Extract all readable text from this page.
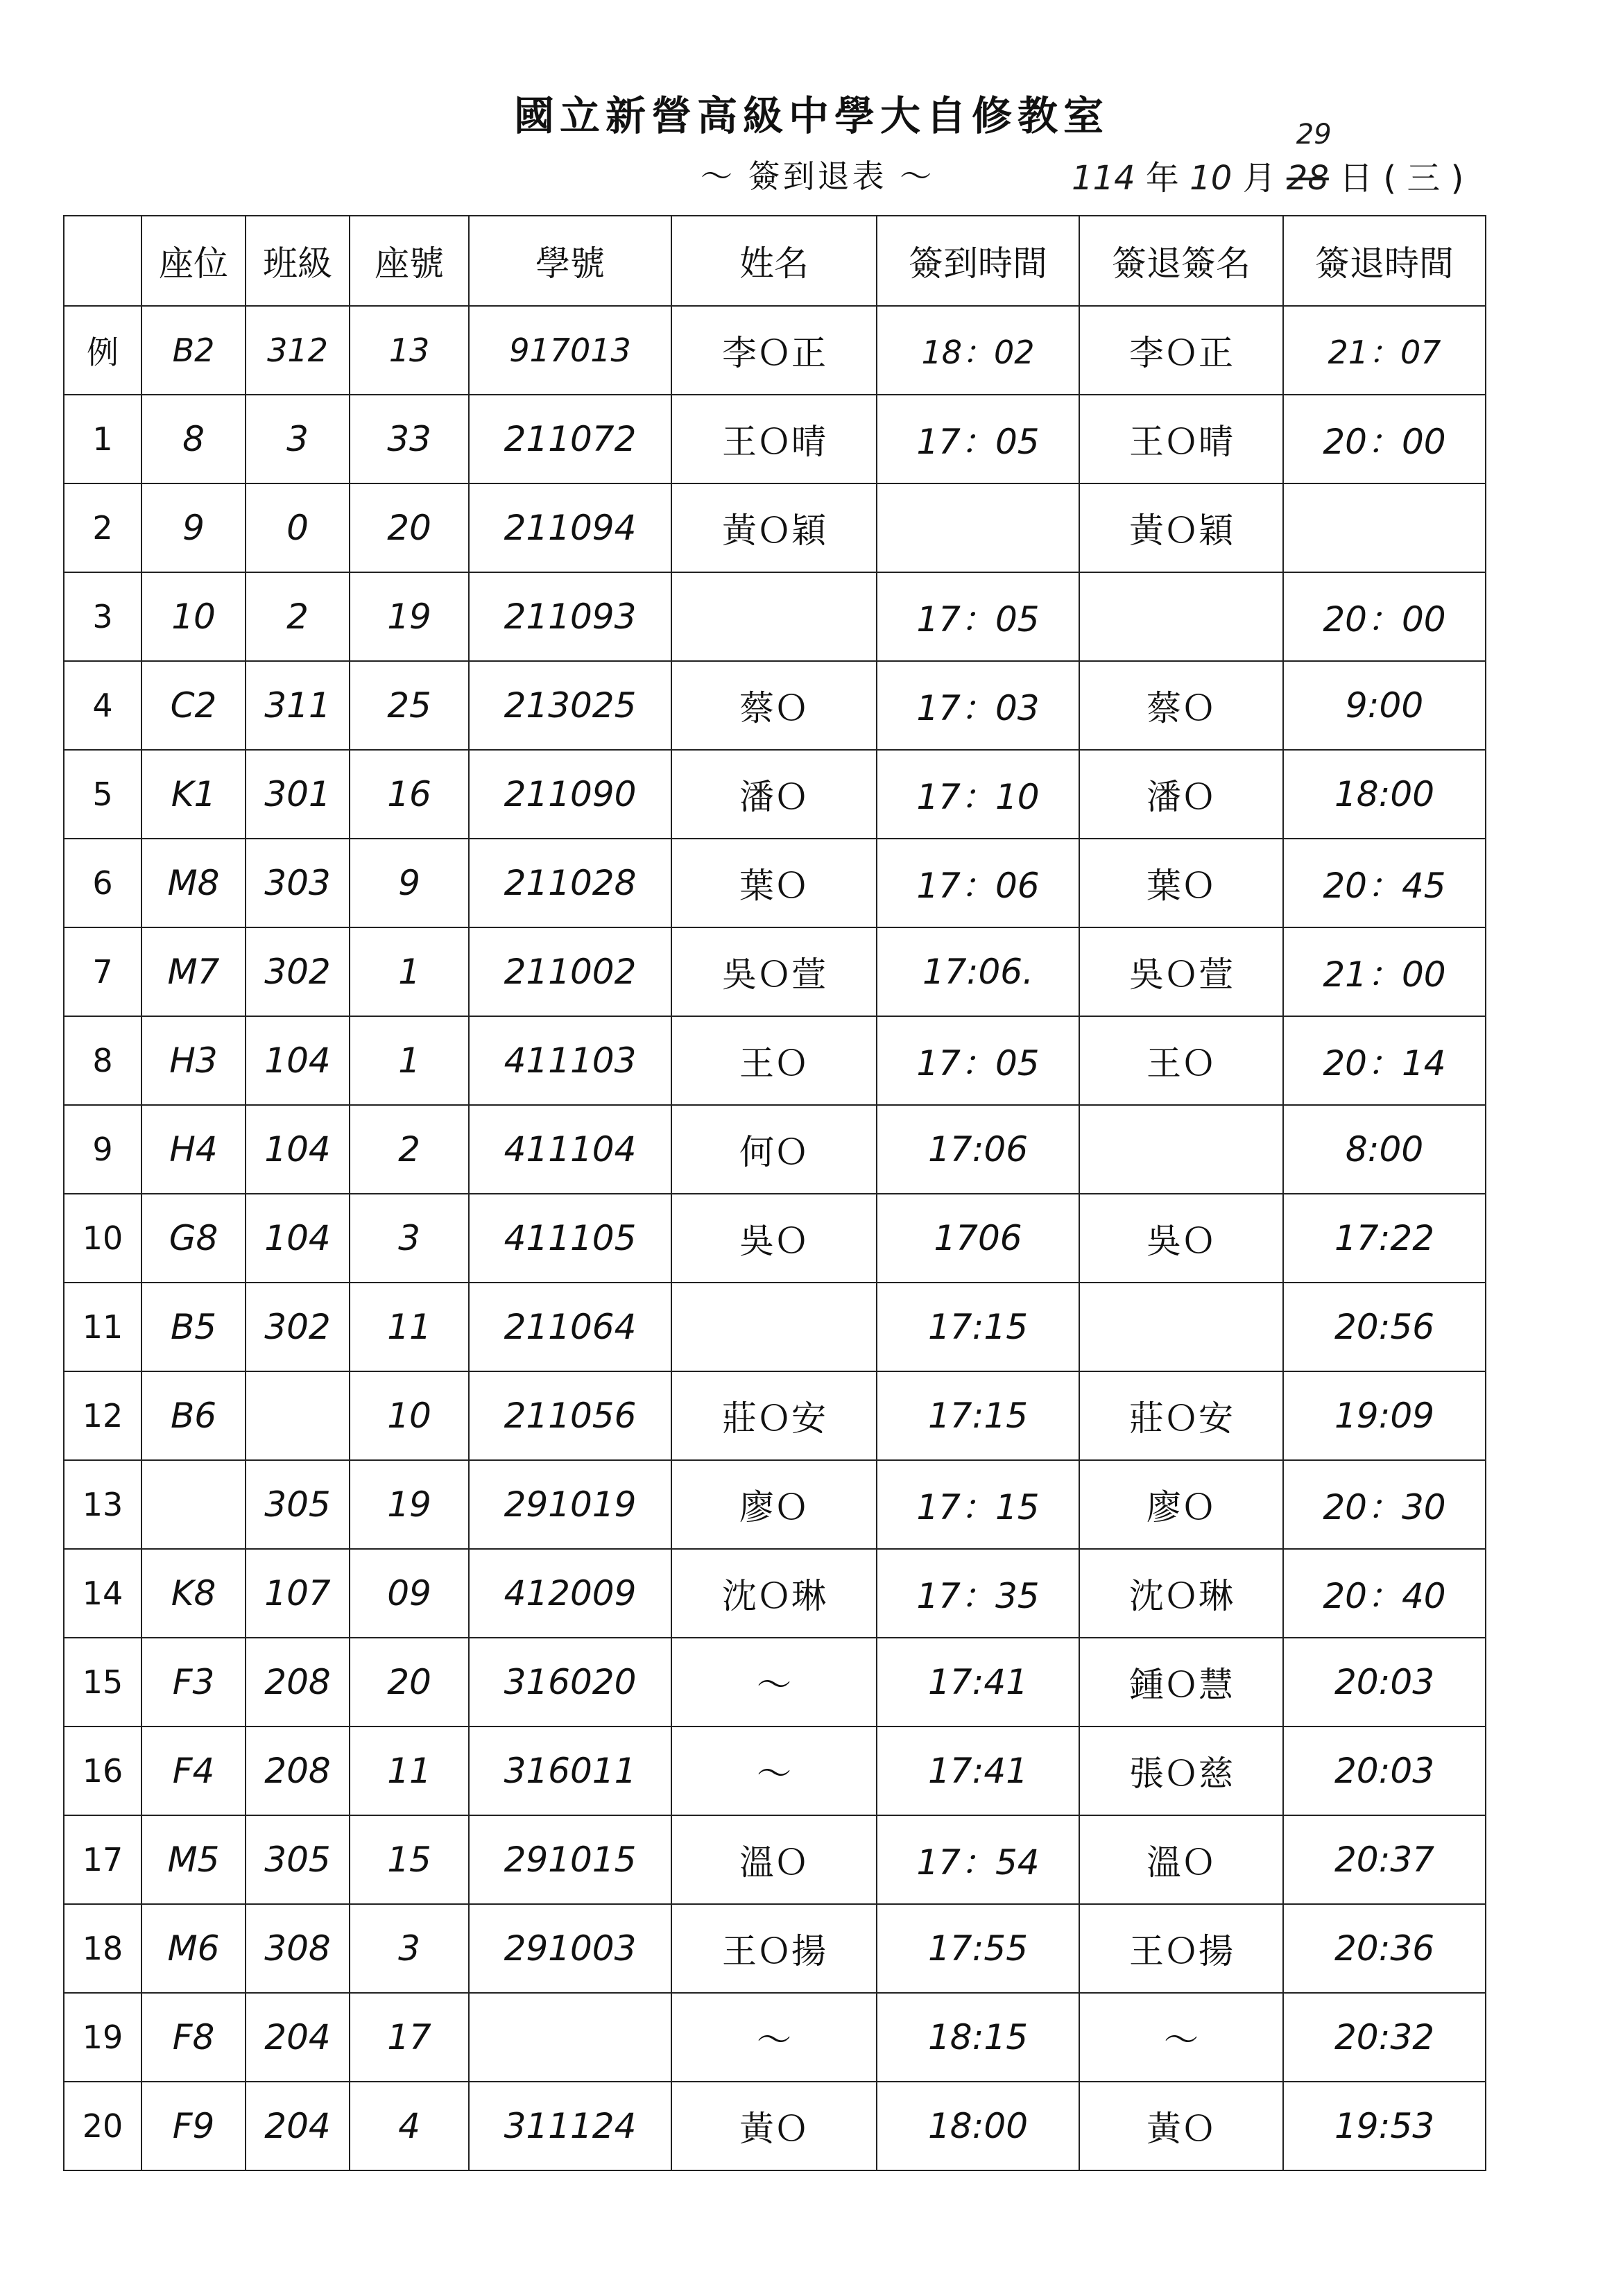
國立新營高級中學大自修教室
～ 簽到退表 ～	114 年 10 月 28
29
日 ( 三 )
	座位	班級	座號	學號	姓名	簽到時間	簽退簽名	簽退時間
例	B2	312	13	917013	李Ｏ正	18：02	李Ｏ正	21：07
1	8	3	33	211072	王Ｏ晴	17：05	王Ｏ晴	20：00
2	9	0	20	211094	黃Ｏ穎		黃Ｏ穎	
3	10	2	19	211093		17：05		20：00
4	C2	311	25	213025	蔡Ｏ	17：03	蔡Ｏ	9:00
5	K1	301	16	211090	潘Ｏ	17：10	潘Ｏ	18:00
6	M8	303	9	211028	葉Ｏ	17：06	葉Ｏ	20：45
7	M7	302	1	211002	吳Ｏ萱	17:06.	吳Ｏ萱	21：00
8	H3	104	1	411103	王Ｏ	17：05	王Ｏ	20：14
9	H4	104	2	411104	何Ｏ	17:06		8:00
10	G8	104	3	411105	吳Ｏ	1706	吳Ｏ	17:22
11	B5	302	11	211064		17:15		20:56
12	B6		10	211056	莊Ｏ安	17:15	莊Ｏ安	19:09
13		305	19	291019	廖Ｏ	17：15	廖Ｏ	20：30
14	K8	107	09	412009	沈Ｏ琳	17：35	沈Ｏ琳	20：40
15	F3	208	20	316020	～	17:41	鍾Ｏ慧	20:03
16	F4	208	11	316011	～	17:41	張Ｏ慈	20:03
17	M5	305	15	291015	溫Ｏ	17：54	溫Ｏ	20:37
18	M6	308	3	291003	王Ｏ揚	17:55	王Ｏ揚	20:36
19	F8	204	17		～	18:15	～	20:32
20	F9	204	4	311124	黃Ｏ	18:00	黃Ｏ	19:53
